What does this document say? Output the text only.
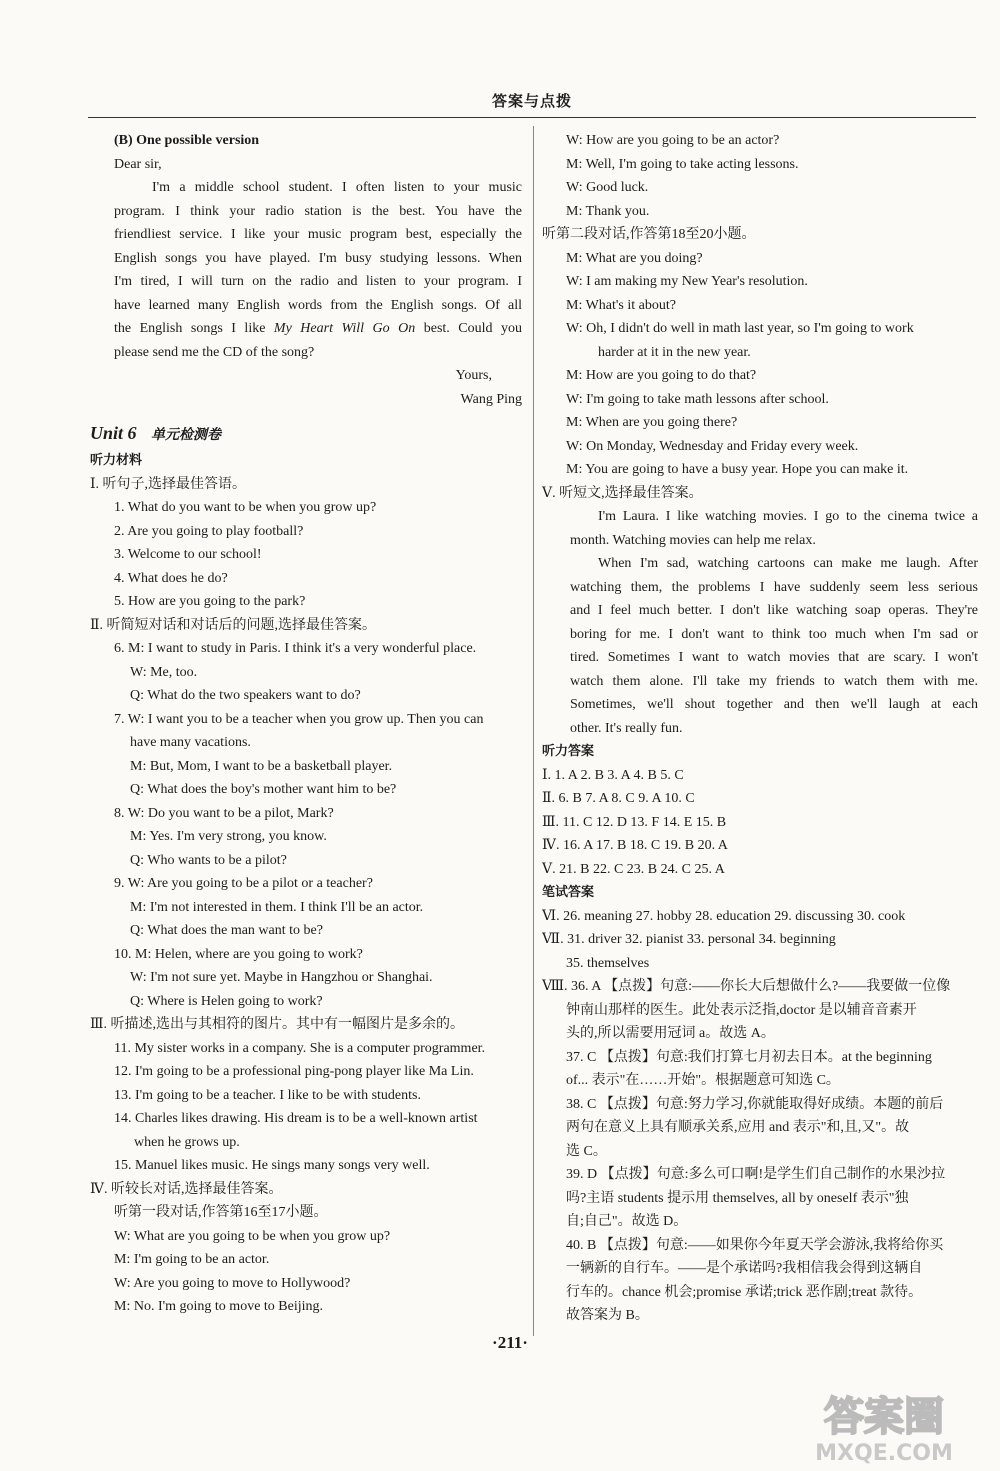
答案与点拨
(B) One possible version
Dear sir,
I'm a middle school student. I often listen to your music
program. I think your radio station is the best. You have the
friendliest service. I like your music program best, especially the
English songs you have played. I'm busy studying lessons. When
I'm tired, I will turn on the radio and listen to your program. I
have learned many English words from the English songs. Of all
the English songs I like My Heart Will Go On best. Could you
please send me the CD of the song?
Yours,
Wang Ping
Unit 6 单元检测卷
听力材料
Ⅰ. 听句子,选择最佳答语。
1. What do you want to be when you grow up?
2. Are you going to play football?
3. Welcome to our school!
4. What does he do?
5. How are you going to the park?
Ⅱ. 听简短对话和对话后的问题,选择最佳答案。
6. M: I want to study in Paris. I think it's a very wonderful place.
W: Me, too.
Q: What do the two speakers want to do?
7. W: I want you to be a teacher when you grow up. Then you can
have many vacations.
M: But, Mom, I want to be a basketball player.
Q: What does the boy's mother want him to be?
8. W: Do you want to be a pilot, Mark?
M: Yes. I'm very strong, you know.
Q: Who wants to be a pilot?
9. W: Are you going to be a pilot or a teacher?
M: I'm not interested in them. I think I'll be an actor.
Q: What does the man want to be?
10. M: Helen, where are you going to work?
W: I'm not sure yet. Maybe in Hangzhou or Shanghai.
Q: Where is Helen going to work?
Ⅲ. 听描述,选出与其相符的图片。其中有一幅图片是多余的。
11. My sister works in a company. She is a computer programmer.
12. I'm going to be a professional ping-pong player like Ma Lin.
13. I'm going to be a teacher. I like to be with students.
14. Charles likes drawing. His dream is to be a well-known artist
when he grows up.
15. Manuel likes music. He sings many songs very well.
Ⅳ. 听较长对话,选择最佳答案。
听第一段对话,作答第16至17小题。
W: What are you going to be when you grow up?
M: I'm going to be an actor.
W: Are you going to move to Hollywood?
M: No. I'm going to move to Beijing.
W: How are you going to be an actor?
M: Well, I'm going to take acting lessons.
W: Good luck.
M: Thank you.
听第二段对话,作答第18至20小题。
M: What are you doing?
W: I am making my New Year's resolution.
M: What's it about?
W: Oh, I didn't do well in math last year, so I'm going to work
harder at it in the new year.
M: How are you going to do that?
W: I'm going to take math lessons after school.
M: When are you going there?
W: On Monday, Wednesday and Friday every week.
M: You are going to have a busy year. Hope you can make it.
Ⅴ. 听短文,选择最佳答案。
I'm Laura. I like watching movies. I go to the cinema twice a
month. Watching movies can help me relax.
When I'm sad, watching cartoons can make me laugh. After
watching them, the problems I have suddenly seem less serious
and I feel much better. I don't like watching soap operas. They're
boring for me. I don't want to think too much when I'm sad or
tired. Sometimes I want to watch movies that are scary. I won't
watch them alone. I'll take my friends to watch them with me.
Sometimes, we'll shout together and then we'll laugh at each
other. It's really fun.
听力答案
Ⅰ. 1. A 2. B 3. A 4. B 5. C
Ⅱ. 6. B 7. A 8. C 9. A 10. C
Ⅲ. 11. C 12. D 13. F 14. E 15. B
Ⅳ. 16. A 17. B 18. C 19. B 20. A
Ⅴ. 21. B 22. C 23. B 24. C 25. A
笔试答案
Ⅵ. 26. meaning 27. hobby 28. education 29. discussing 30. cook
Ⅶ. 31. driver 32. pianist 33. personal 34. beginning
35. themselves
Ⅷ. 36. A 【点拨】句意:——你长大后想做什么?——我要做一位像
钟南山那样的医生。此处表示泛指,doctor 是以辅音音素开
头的,所以需要用冠词 a。故选 A。
37. C 【点拨】句意:我们打算七月初去日本。at the beginning
of... 表示"在……开始"。根据题意可知选 C。
38. C 【点拨】句意:努力学习,你就能取得好成绩。本题的前后
两句在意义上具有顺承关系,应用 and 表示"和,且,又"。故
选 C。
39. D 【点拨】句意:多么可口啊!是学生们自己制作的水果沙拉
吗?主语 students 提示用 themselves, all by oneself 表示"独
自;自己"。故选 D。
40. B 【点拨】句意:——如果你今年夏天学会游泳,我将给你买
一辆新的自行车。——是个承诺吗?我相信我会得到这辆自
行车的。chance 机会;promise 承诺;trick 恶作剧;treat 款待。
故答案为 B。
·211·
答案圈
MXQE.COM
